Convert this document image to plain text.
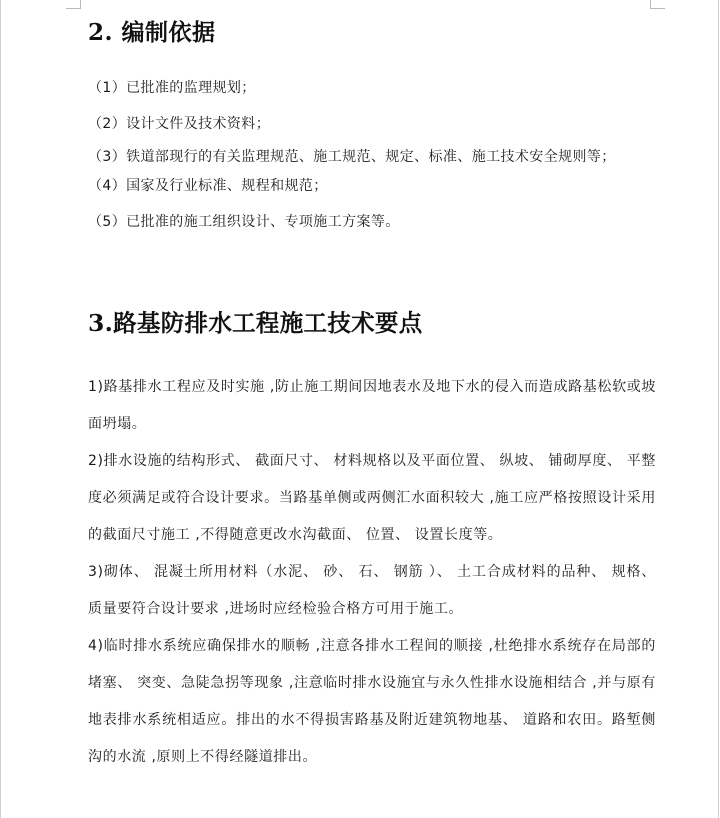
2. 编制依据

（1）已批准的监理规划；

（2）设计文件及技术资料；

（3）铁道部现行的有关监理规范、施工规范、规定、标准、施工技术安全规则等；

（4）国家及行业标准、规程和规范；

（5）已批准的施工组织设计、专项施工方案等。

3.路基防排水工程施工技术要点

1)路基排水工程应及时实施 ,防止施工期间因地表水及地下水的侵入而造成路基松软或坡面坍塌。

2)排水设施的结构形式、 截面尺寸、 材料规格以及平面位置、 纵坡、 铺砌厚度、 平整度必须满足或符合设计要求。当路基单侧或两侧汇水面积较大 ,施工应严格按照设计采用的截面尺寸施工 ,不得随意更改水沟截面、 位置、 设置长度等。

3)砌体、 混凝土所用材料（水泥、 砂、 石、 钢筋 ）、 土工合成材料的品种、 规格、 质量要符合设计要求 ,进场时应经检验合格方可用于施工。

4)临时排水系统应确保排水的顺畅 ,注意各排水工程间的顺接 ,杜绝排水系统存在局部的堵塞、 突变、急陡急拐等现象 ,注意临时排水设施宜与永久性排水设施相结合 ,并与原有地表排水系统相适应。排出的水不得损害路基及附近建筑物地基、 道路和农田。路堑侧沟的水流 ,原则上不得经隧道排出。
